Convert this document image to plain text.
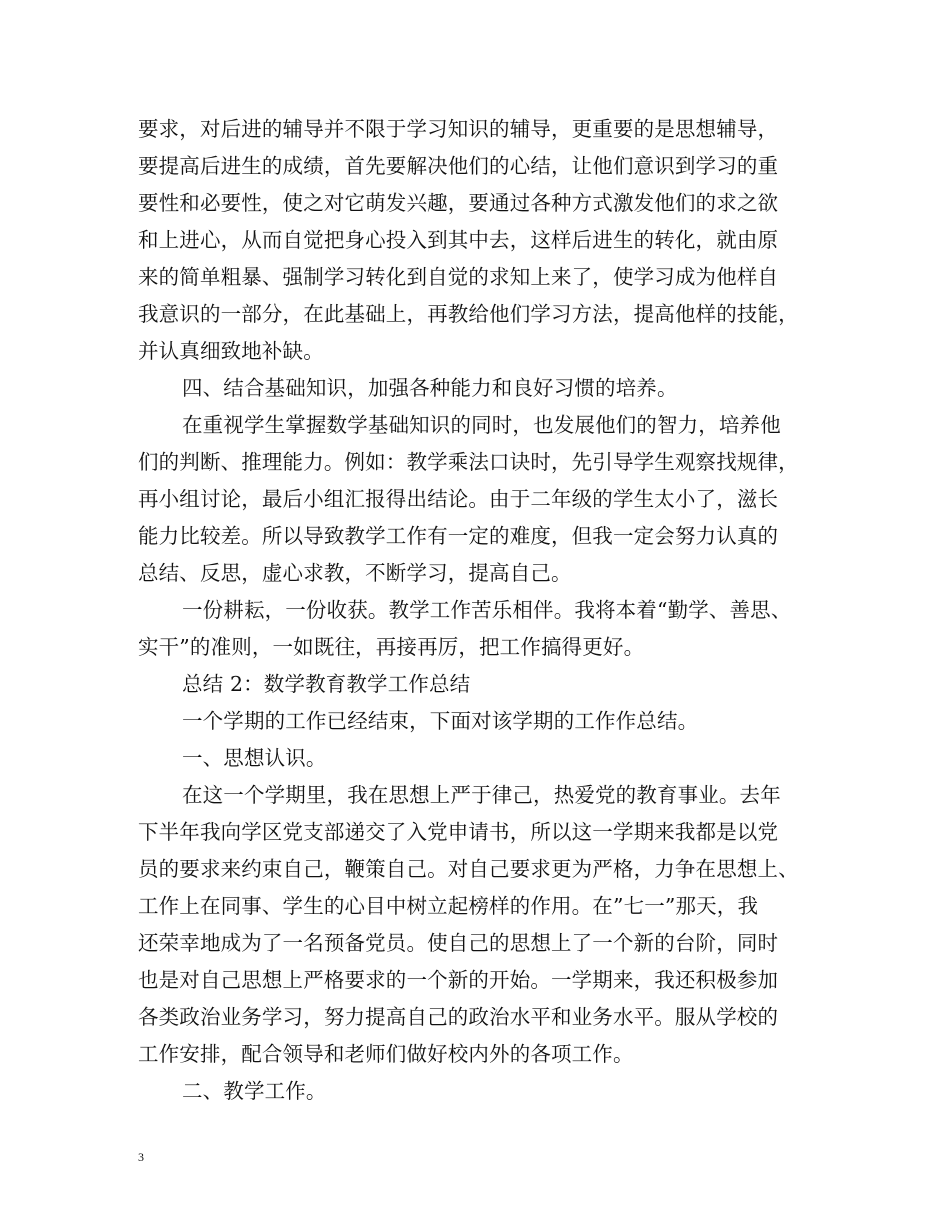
要求，对后进的辅导并不限于学习知识的辅导，更重要的是思想辅导，
要提高后进生的成绩，首先要解决他们的心结，让他们意识到学习的重
要性和必要性，使之对它萌发兴趣，要通过各种方式激发他们的求之欲
和上进心，从而自觉把身心投入到其中去，这样后进生的转化，就由原
来的简单粗暴、强制学习转化到自觉的求知上来了，使学习成为他样自
我意识的一部分，在此基础上，再教给他们学习方法，提高他样的技能，
并认真细致地补缺。
四、结合基础知识，加强各种能力和良好习惯的培养。
在重视学生掌握数学基础知识的同时，也发展他们的智力，培养他
们的判断、推理能力。例如：教学乘法口诀时，先引导学生观察找规律，
再小组讨论，最后小组汇报得出结论。由于二年级的学生太小了，滋长
能力比较差。所以导致教学工作有一定的难度，但我一定会努力认真的
总结、反思，虚心求教，不断学习，提高自己。
一份耕耘，一份收获。教学工作苦乐相伴。我将本着“勤学、善思、
实干”的准则，一如既往，再接再厉，把工作搞得更好。
总结 2：数学教育教学工作总结
一个学期的工作已经结束，下面对该学期的工作作总结。
一、思想认识。
在这一个学期里，我在思想上严于律己，热爱党的教育事业。去年
下半年我向学区党支部递交了入党申请书，所以这一学期来我都是以党
员的要求来约束自己，鞭策自己。对自己要求更为严格，力争在思想上、
工作上在同事、学生的心目中树立起榜样的作用。在”七一”那天，我
还荣幸地成为了一名预备党员。使自己的思想上了一个新的台阶，同时
也是对自己思想上严格要求的一个新的开始。一学期来，我还积极参加
各类政治业务学习，努力提高自己的政治水平和业务水平。服从学校的
工作安排，配合领导和老师们做好校内外的各项工作。
二、教学工作。
3
